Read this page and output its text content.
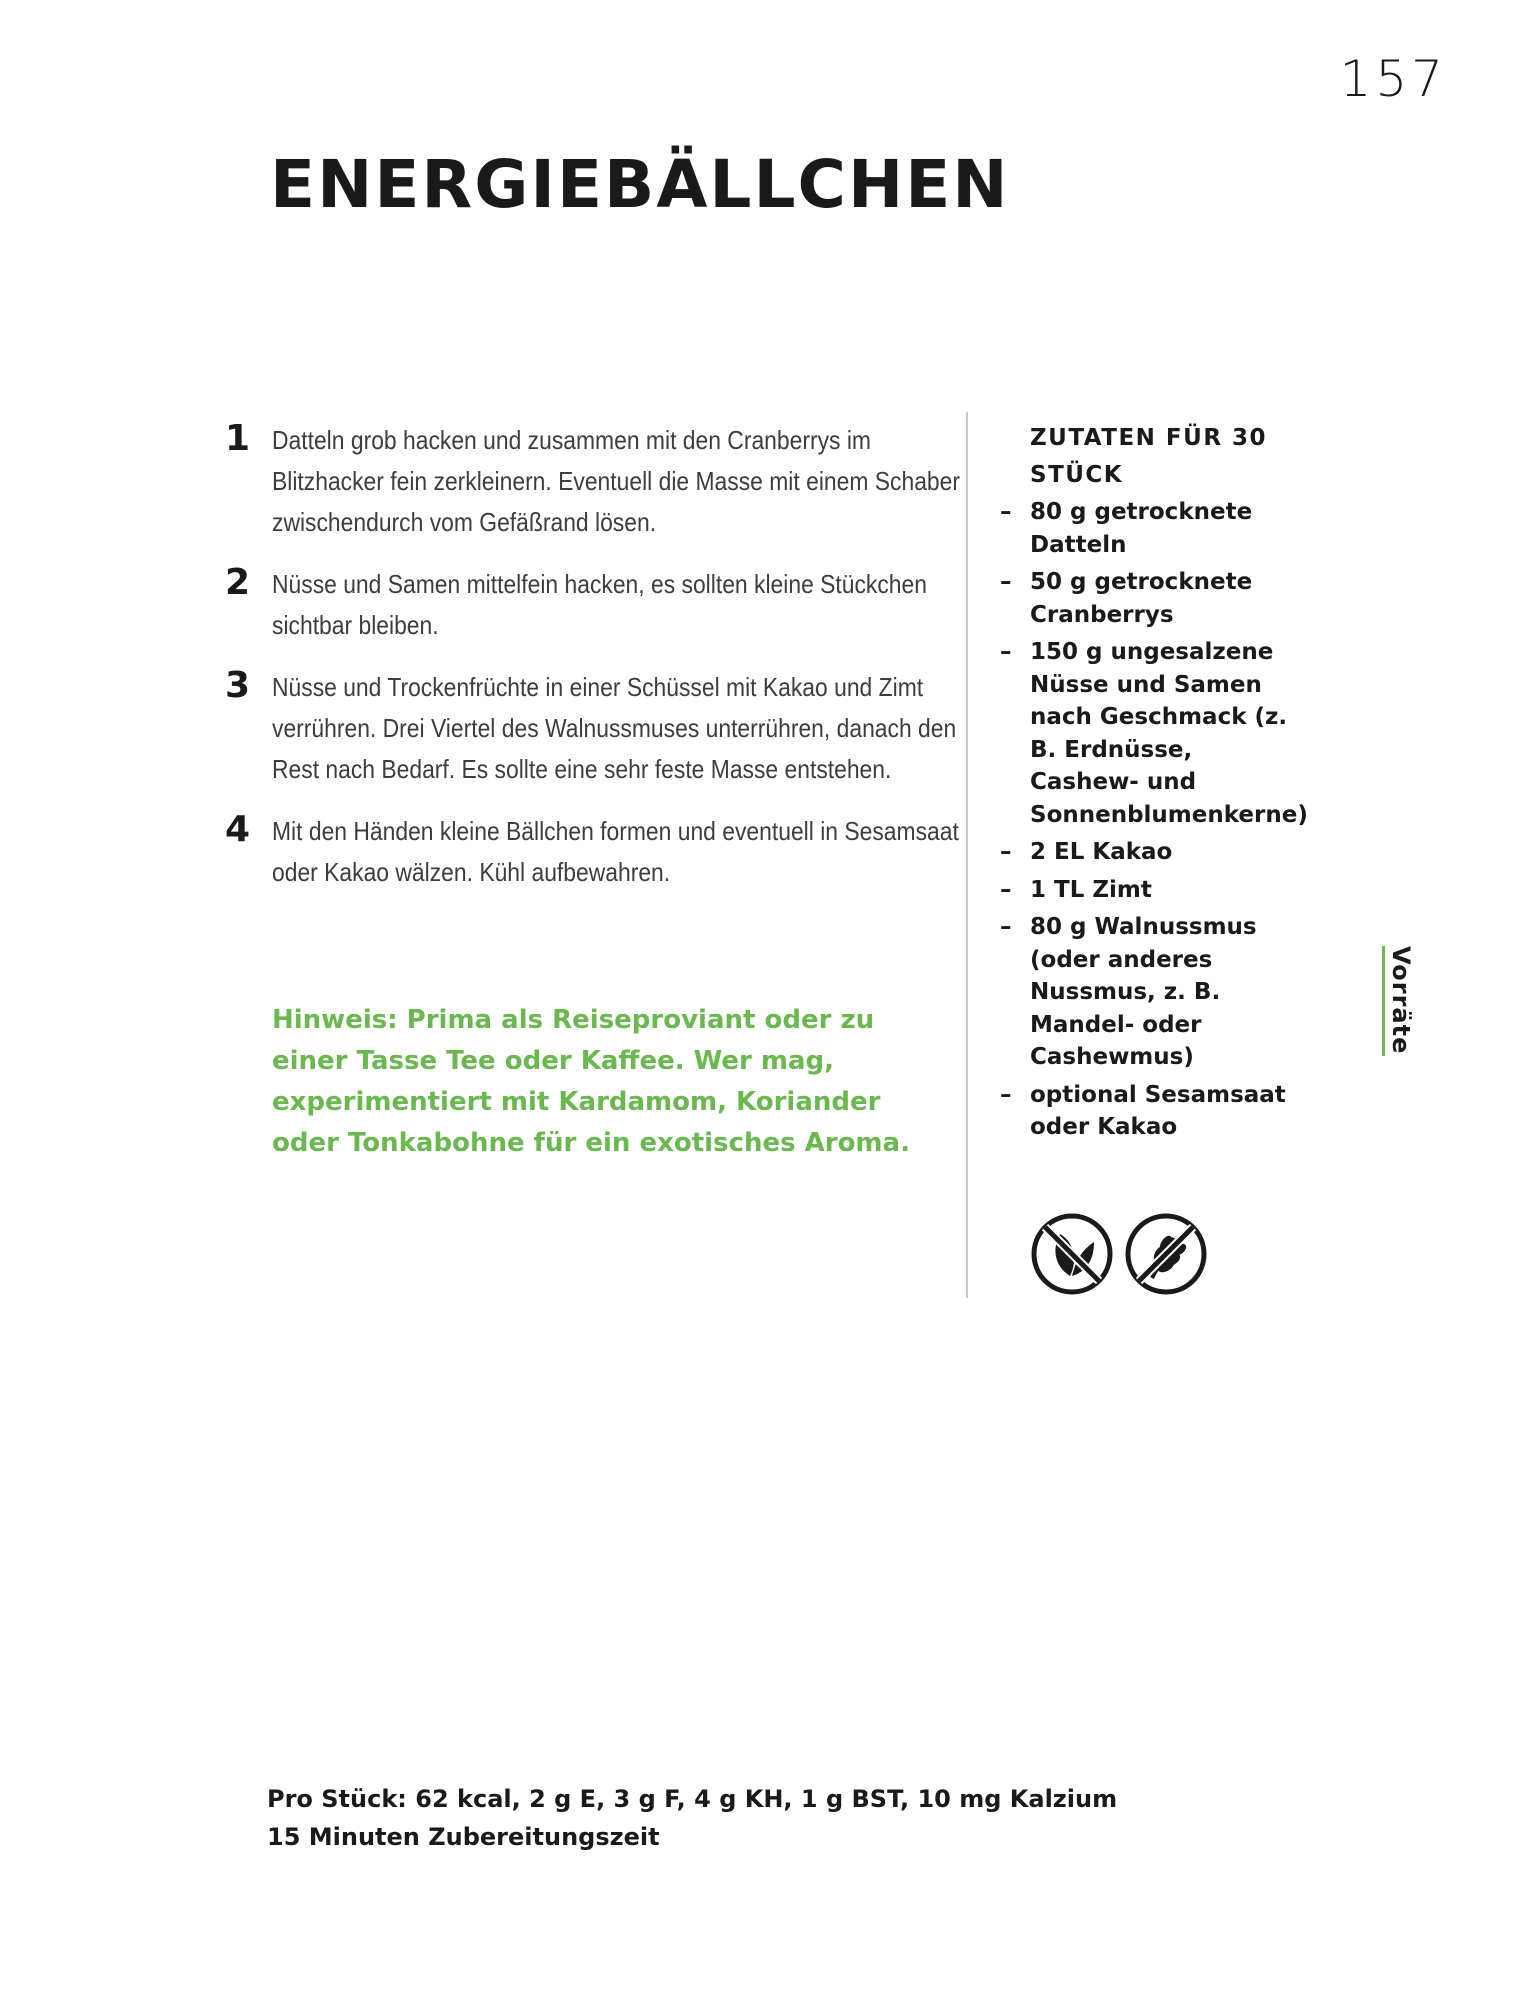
157
ENERGIEBÄLLCHEN
1 Datteln grob hacken und zusammen mit den Cranberrys im Blitzhacker fein zerkleinern. Eventuell die Masse mit einem Schaber zwischendurch vom Gefäßrand lösen.
2 Nüsse und Samen mittelfein hacken, es sollten kleine Stückchen sichtbar bleiben.
3 Nüsse und Trockenfrüchte in einer Schüssel mit Kakao und Zimt verrühren. Drei Viertel des Walnussmuses unterrühren, danach den Rest nach Bedarf. Es sollte eine sehr feste Masse entstehen.
4 Mit den Händen kleine Bällchen formen und eventuell in Sesamsaat oder Kakao wälzen. Kühl aufbewahren.

Hinweis: Prima als Reiseproviant oder zu einer Tasse Tee oder Kaffee. Wer mag, experimentiert mit Kardamom, Koriander oder Tonkabohne für ein exotisches Aroma.

ZUTATEN FÜR 30 STÜCK
– 80 g getrocknete Datteln
– 50 g getrocknete Cranberrys
– 150 g ungesalzene Nüsse und Samen nach Geschmack (z. B. Erdnüsse, Cashew- und Sonnenblumenkerne)
– 2 EL Kakao
– 1 TL Zimt
– 80 g Walnussmus (oder anderes Nussmus, z. B. Mandel- oder Cashewmus)
– optional Sesamsaat oder Kakao
Vorräte
Pro Stück: 62 kcal, 2 g E, 3 g F, 4 g KH, 1 g BST, 10 mg Kalzium
15 Minuten Zubereitungszeit
